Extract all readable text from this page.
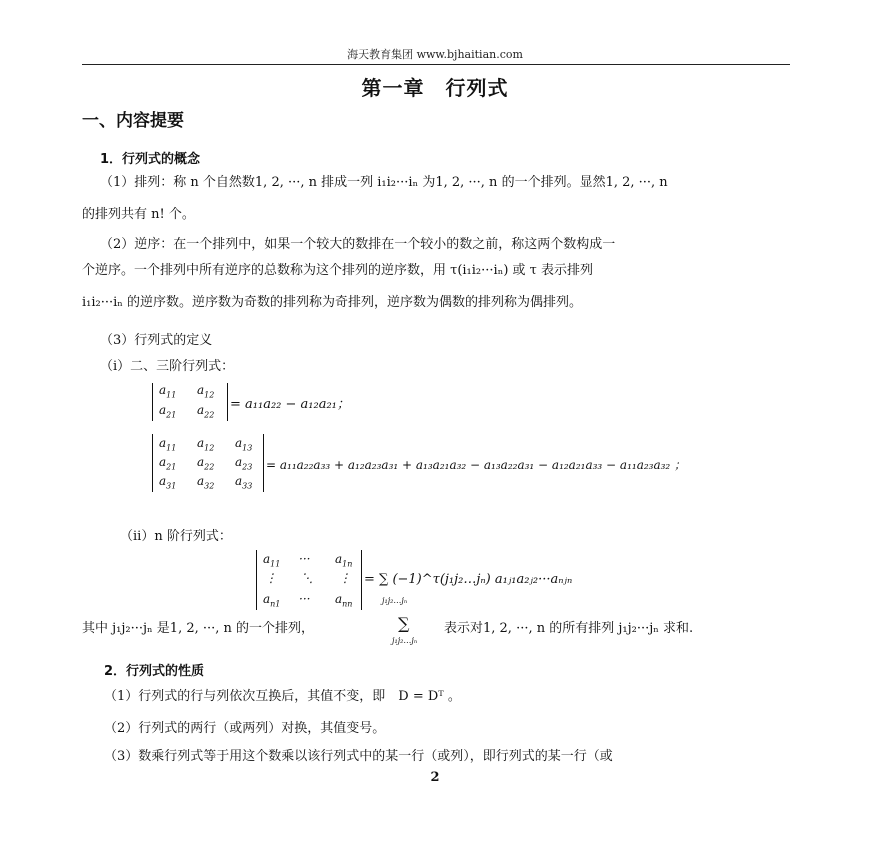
海天教育集团 www.bjhaitian.com
第一章　行列式
一、内容提要
1．行列式的概念
（1）排列：称 n 个自然数1, 2, ···, n 排成一列 i₁i₂···iₙ 为1, 2, ···, n 的一个排列。显然1, 2, ···, n
的排列共有 n! 个。
（2）逆序：在一个排列中，如果一个较大的数排在一个较小的数之前，称这两个数构成一
个逆序。一个排列中所有逆序的总数称为这个排列的逆序数，用 τ(i₁i₂···iₙ) 或 τ 表示排列
i₁i₂···iₙ 的逆序数。逆序数为奇数的排列称为奇排列，逆序数为偶数的排列称为偶排列。
（3）行列式的定义
（i）二、三阶行列式：
$a_{11}$ $a_{12}$
$a_{21}$ $a_{22}$
= a₁₁a₂₂ − a₁₂a₂₁；
$a_{11}$ $a_{12}$ $a_{13}$
$a_{21}$ $a_{22}$ $a_{23}$
$a_{31}$ $a_{32}$ $a_{33}$
= a₁₁a₂₂a₃₃ + a₁₂a₂₃a₃₁ + a₁₃a₂₁a₃₂ − a₁₃a₂₂a₃₁ − a₁₂a₂₁a₃₃ − a₁₁a₂₃a₃₂ ；
（ii）n 阶行列式：
$a_{11}$ ··· $a_{1n}$
⋮ ⋱ ⋮
$a_{n1}$ ··· $a_{nn}$
= ∑ (−1)^τ(j₁j₂…jₙ) a₁ⱼ₁a₂ⱼ₂···aₙⱼₙ
j₁j₂…jₙ
其中 j₁j₂···jₙ 是1, 2, ···, n 的一个排列，	∑
j₁j₂…jₙ
表示对1, 2, ···, n 的所有排列 j₁j₂···jₙ 求和.
2．行列式的性质
（1）行列式的行与列依次互换后，其值不变，即　D = Dᵀ 。
（2）行列式的两行（或两列）对换，其值变号。
（3）数乘行列式等于用这个数乘以该行列式中的某一行（或列），即行列式的某一行（或
2
